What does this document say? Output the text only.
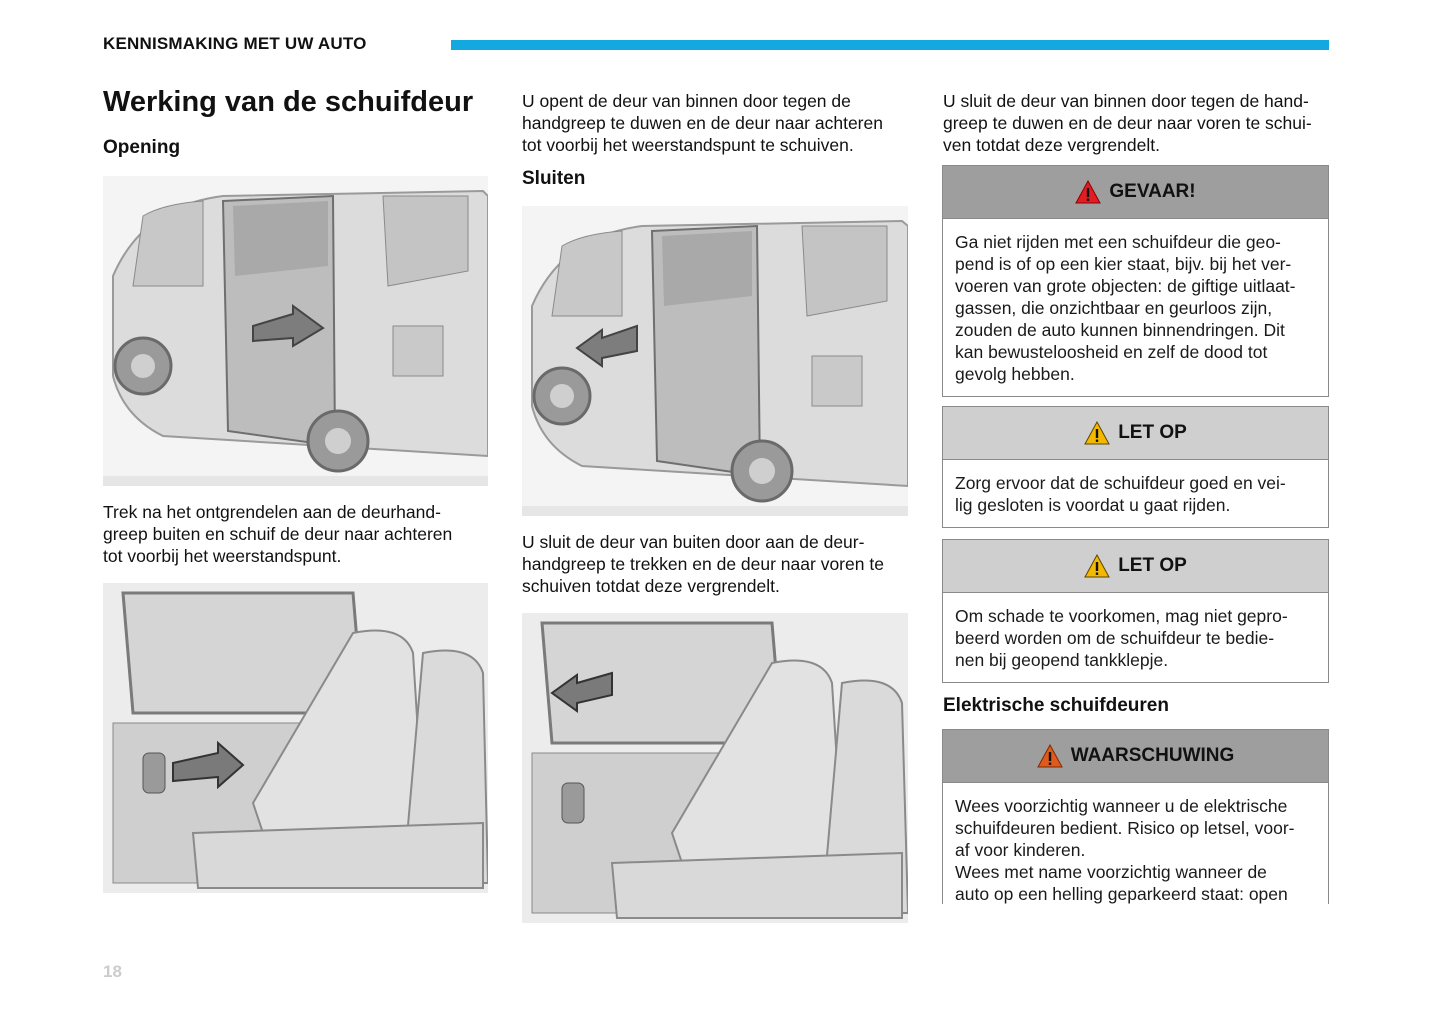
KENNISMAKING MET UW AUTO
Werking van de schuifdeur
Opening

Trek na het ontgrendelen aan de deurhand-
greep buiten en schuif de deur naar achteren
tot voorbij het weerstandspunt.

U opent de deur van binnen door tegen de
handgreep te duwen en de deur naar achteren
tot voorbij het weerstandspunt te schuiven.

Sluiten

U sluit de deur van buiten door aan de deur-
handgreep te trekken en de deur naar voren te
schuiven totdat deze vergrendelt.

U sluit de deur van binnen door tegen de hand-
greep te duwen en de deur naar voren te schui-
ven totdat deze vergrendelt.

GEVAAR!
Ga niet rijden met een schuifdeur die geo-
pend is of op een kier staat, bijv. bij het ver-
voeren van grote objecten: de giftige uitlaat-
gassen, die onzichtbaar en geurloos zijn,
zouden de auto kunnen binnendringen. Dit
kan bewusteloosheid en zelf de dood tot
gevolg hebben.
LET OP
Zorg ervoor dat de schuifdeur goed en vei-
lig gesloten is voordat u gaat rijden.
LET OP
Om schade te voorkomen, mag niet gepro-
beerd worden om de schuifdeur te bedie-
nen bij geopend tankklepje.
Elektrische schuifdeuren
WAARSCHUWING
Wees voorzichtig wanneer u de elektrische
schuifdeuren bedient. Risico op letsel, voor-
af voor kinderen.
Wees met name voorzichtig wanneer de
auto op een helling geparkeerd staat: open
18
